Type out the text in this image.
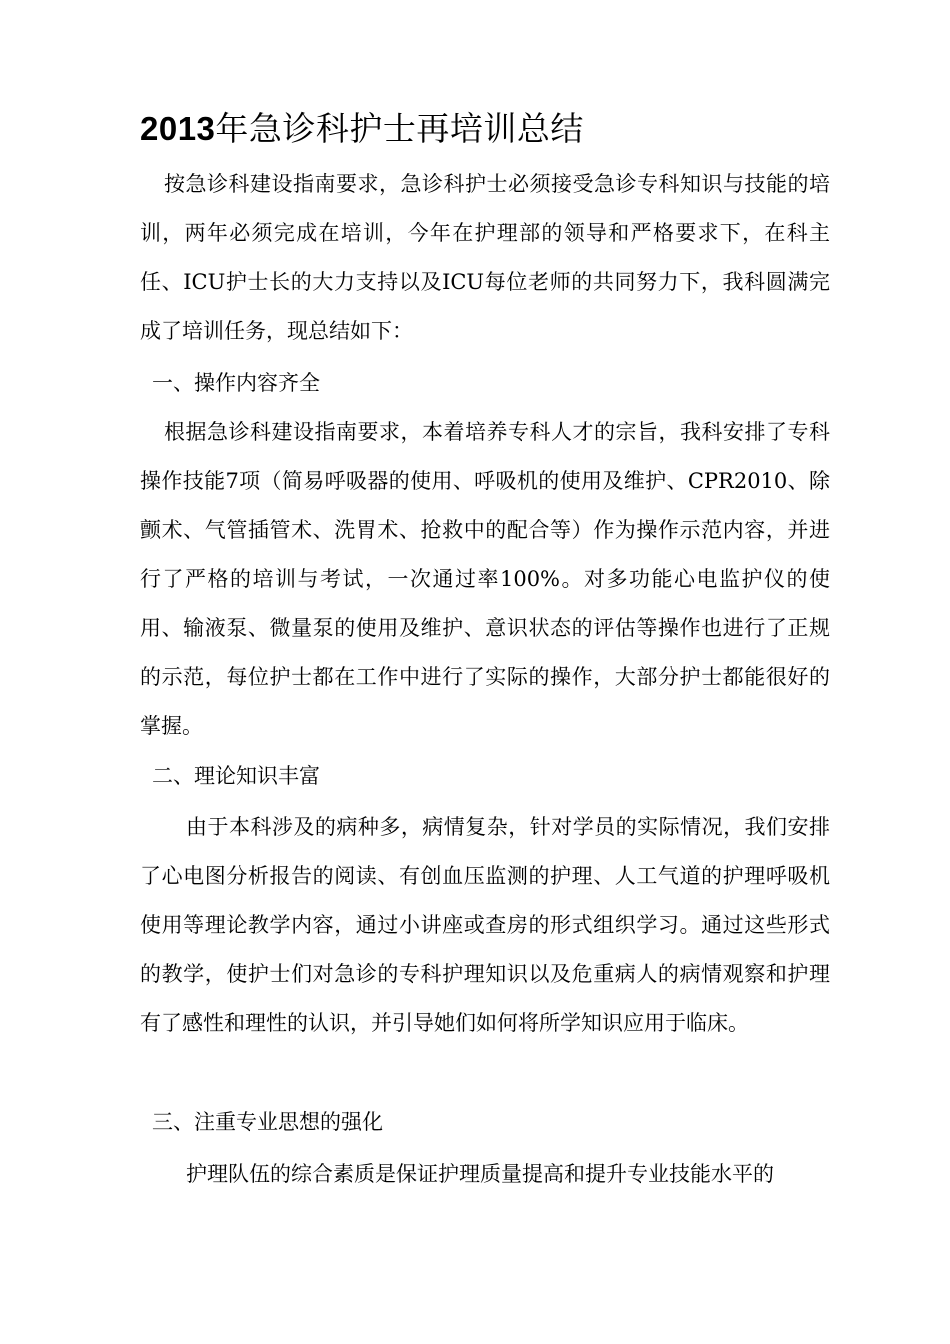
2013年急诊科护士再培训总结

按急诊科建设指南要求，急诊科护士必须接受急诊专科知识与技能的培训，两年必须完成在培训，今年在护理部的领导和严格要求下，在科主任、ICU护士长的大力支持以及ICU每位老师的共同努力下，我科圆满完成了培训任务，现总结如下：

一、操作内容齐全

根据急诊科建设指南要求，本着培养专科人才的宗旨，我科安排了专科操作技能7项（简易呼吸器的使用、呼吸机的使用及维护、CPR2010、除颤术、气管插管术、洗胃术、抢救中的配合等）作为操作示范内容，并进行了严格的培训与考试，一次通过率100%。对多功能心电监护仪的使用、输液泵、微量泵的使用及维护、意识状态的评估等操作也进行了正规的示范，每位护士都在工作中进行了实际的操作，大部分护士都能很好的掌握。

二、理论知识丰富

由于本科涉及的病种多，病情复杂，针对学员的实际情况，我们安排了心电图分析报告的阅读、有创血压监测的护理、人工气道的护理呼吸机使用等理论教学内容，通过小讲座或查房的形式组织学习。通过这些形式的教学，使护士们对急诊的专科护理知识以及危重病人的病情观察和护理有了感性和理性的认识，并引导她们如何将所学知识应用于临床。

三、注重专业思想的强化

护理队伍的综合素质是保证护理质量提高和提升专业技能水平的
